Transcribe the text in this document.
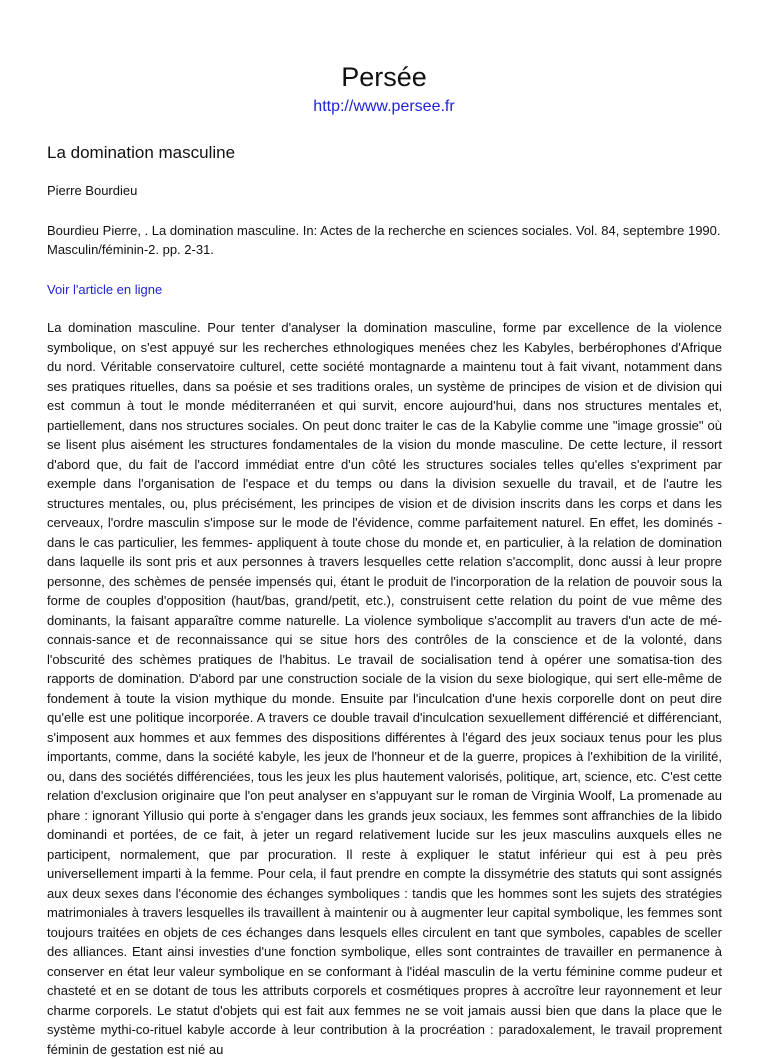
Persée
http://www.persee.fr
La domination masculine
Pierre Bourdieu
Bourdieu Pierre, . La domination masculine. In: Actes de la recherche en sciences sociales. Vol. 84, septembre 1990. Masculin/féminin-2. pp. 2-31.
Voir l'article en ligne

La domination masculine. Pour tenter d'analyser la domination masculine, forme par excellence de la violence symbolique, on s'est appuyé sur les recherches ethnologiques menées chez les Kabyles, berbérophones d'Afrique du nord. Véritable conservatoire culturel, cette société montagnarde a maintenu tout à fait vivant, notamment dans ses pratiques rituelles, dans sa poésie et ses traditions orales, un système de principes de vision et de division qui est commun à tout le monde méditerranéen et qui survit, encore aujourd'hui, dans nos structures mentales et, partiellement, dans nos structures sociales. On peut donc traiter le cas de la Kabylie comme une "image grossie" où se lisent plus aisément les structures fondamentales de la vision du monde masculine. De cette lecture, il ressort d'abord que, du fait de l'accord immédiat entre d'un côté les structures sociales telles qu'elles s'expriment par exemple dans l'organisation de l'espace et du temps ou dans la division sexuelle du travail, et de l'autre les structures mentales, ou, plus précisément, les principes de vision et de division inscrits dans les corps et dans les cerveaux, l'ordre masculin s'impose sur le mode de l'évidence, comme parfaitement naturel. En effet, les dominés -dans le cas particulier, les femmes- appliquent à toute chose du monde et, en particulier, à la relation de domination dans laquelle ils sont pris et aux personnes à travers lesquelles cette relation s'accomplit, donc aussi à leur propre personne, des schèmes de pensée impensés qui, étant le produit de l'incorporation de la relation de pouvoir sous la forme de couples d'opposition (haut/bas, grand/petit, etc.), construisent cette relation du point de vue même des dominants, la faisant apparaître comme naturelle. La violence symbolique s'accomplit au travers d'un acte de mé-connais-sance et de reconnaissance qui se situe hors des contrôles de la conscience et de la volonté, dans l'obscurité des schèmes pratiques de l'habitus. Le travail de socialisation tend à opérer une somatisa-tion des rapports de domination. D'abord par une construction sociale de la vision du sexe biologique, qui sert elle-même de fondement à toute la vision mythique du monde. Ensuite par l'inculcation d'une hexis corporelle dont on peut dire qu'elle est une politique incorporée. A travers ce double travail d'inculcation sexuellement différencié et différenciant, s'imposent aux hommes et aux femmes des dispositions différentes à l'égard des jeux sociaux tenus pour les plus importants, comme, dans la société kabyle, les jeux de l'honneur et de la guerre, propices à l'exhibition de la virilité, ou, dans des sociétés différenciées, tous les jeux les plus hautement valorisés, politique, art, science, etc. C'est cette relation d'exclusion originaire que l'on peut analyser en s'appuyant sur le roman de Virginia Woolf, La promenade au phare : ignorant Yillusio qui porte à s'engager dans les grands jeux sociaux, les femmes sont affranchies de la libido dominandi et portées, de ce fait, à jeter un regard relativement lucide sur les jeux masculins auxquels elles ne participent, normalement, que par procuration. Il reste à expliquer le statut inférieur qui est à peu près universellement imparti à la femme. Pour cela, il faut prendre en compte la dissymétrie des statuts qui sont assignés aux deux sexes dans l'économie des échanges symboliques : tandis que les hommes sont les sujets des stratégies matrimoniales à travers lesquelles ils travaillent à maintenir ou à augmenter leur capital symbolique, les femmes sont toujours traitées en objets de ces échanges dans lesquels elles circulent en tant que symboles, capables de sceller des alliances. Etant ainsi investies d'une fonction symbolique, elles sont contraintes de travailler en permanence à conserver en état leur valeur symbolique en se conformant à l'idéal masculin de la vertu féminine comme pudeur et chasteté et en se dotant de tous les attributs corporels et cosmétiques propres à accroître leur rayonnement et leur charme corporels. Le statut d'objets qui est fait aux femmes ne se voit jamais aussi bien que dans la place que le système mythi-co-rituel kabyle accorde à leur contribution à la procréation : paradoxalement, le travail proprement féminin de gestation est nié au
